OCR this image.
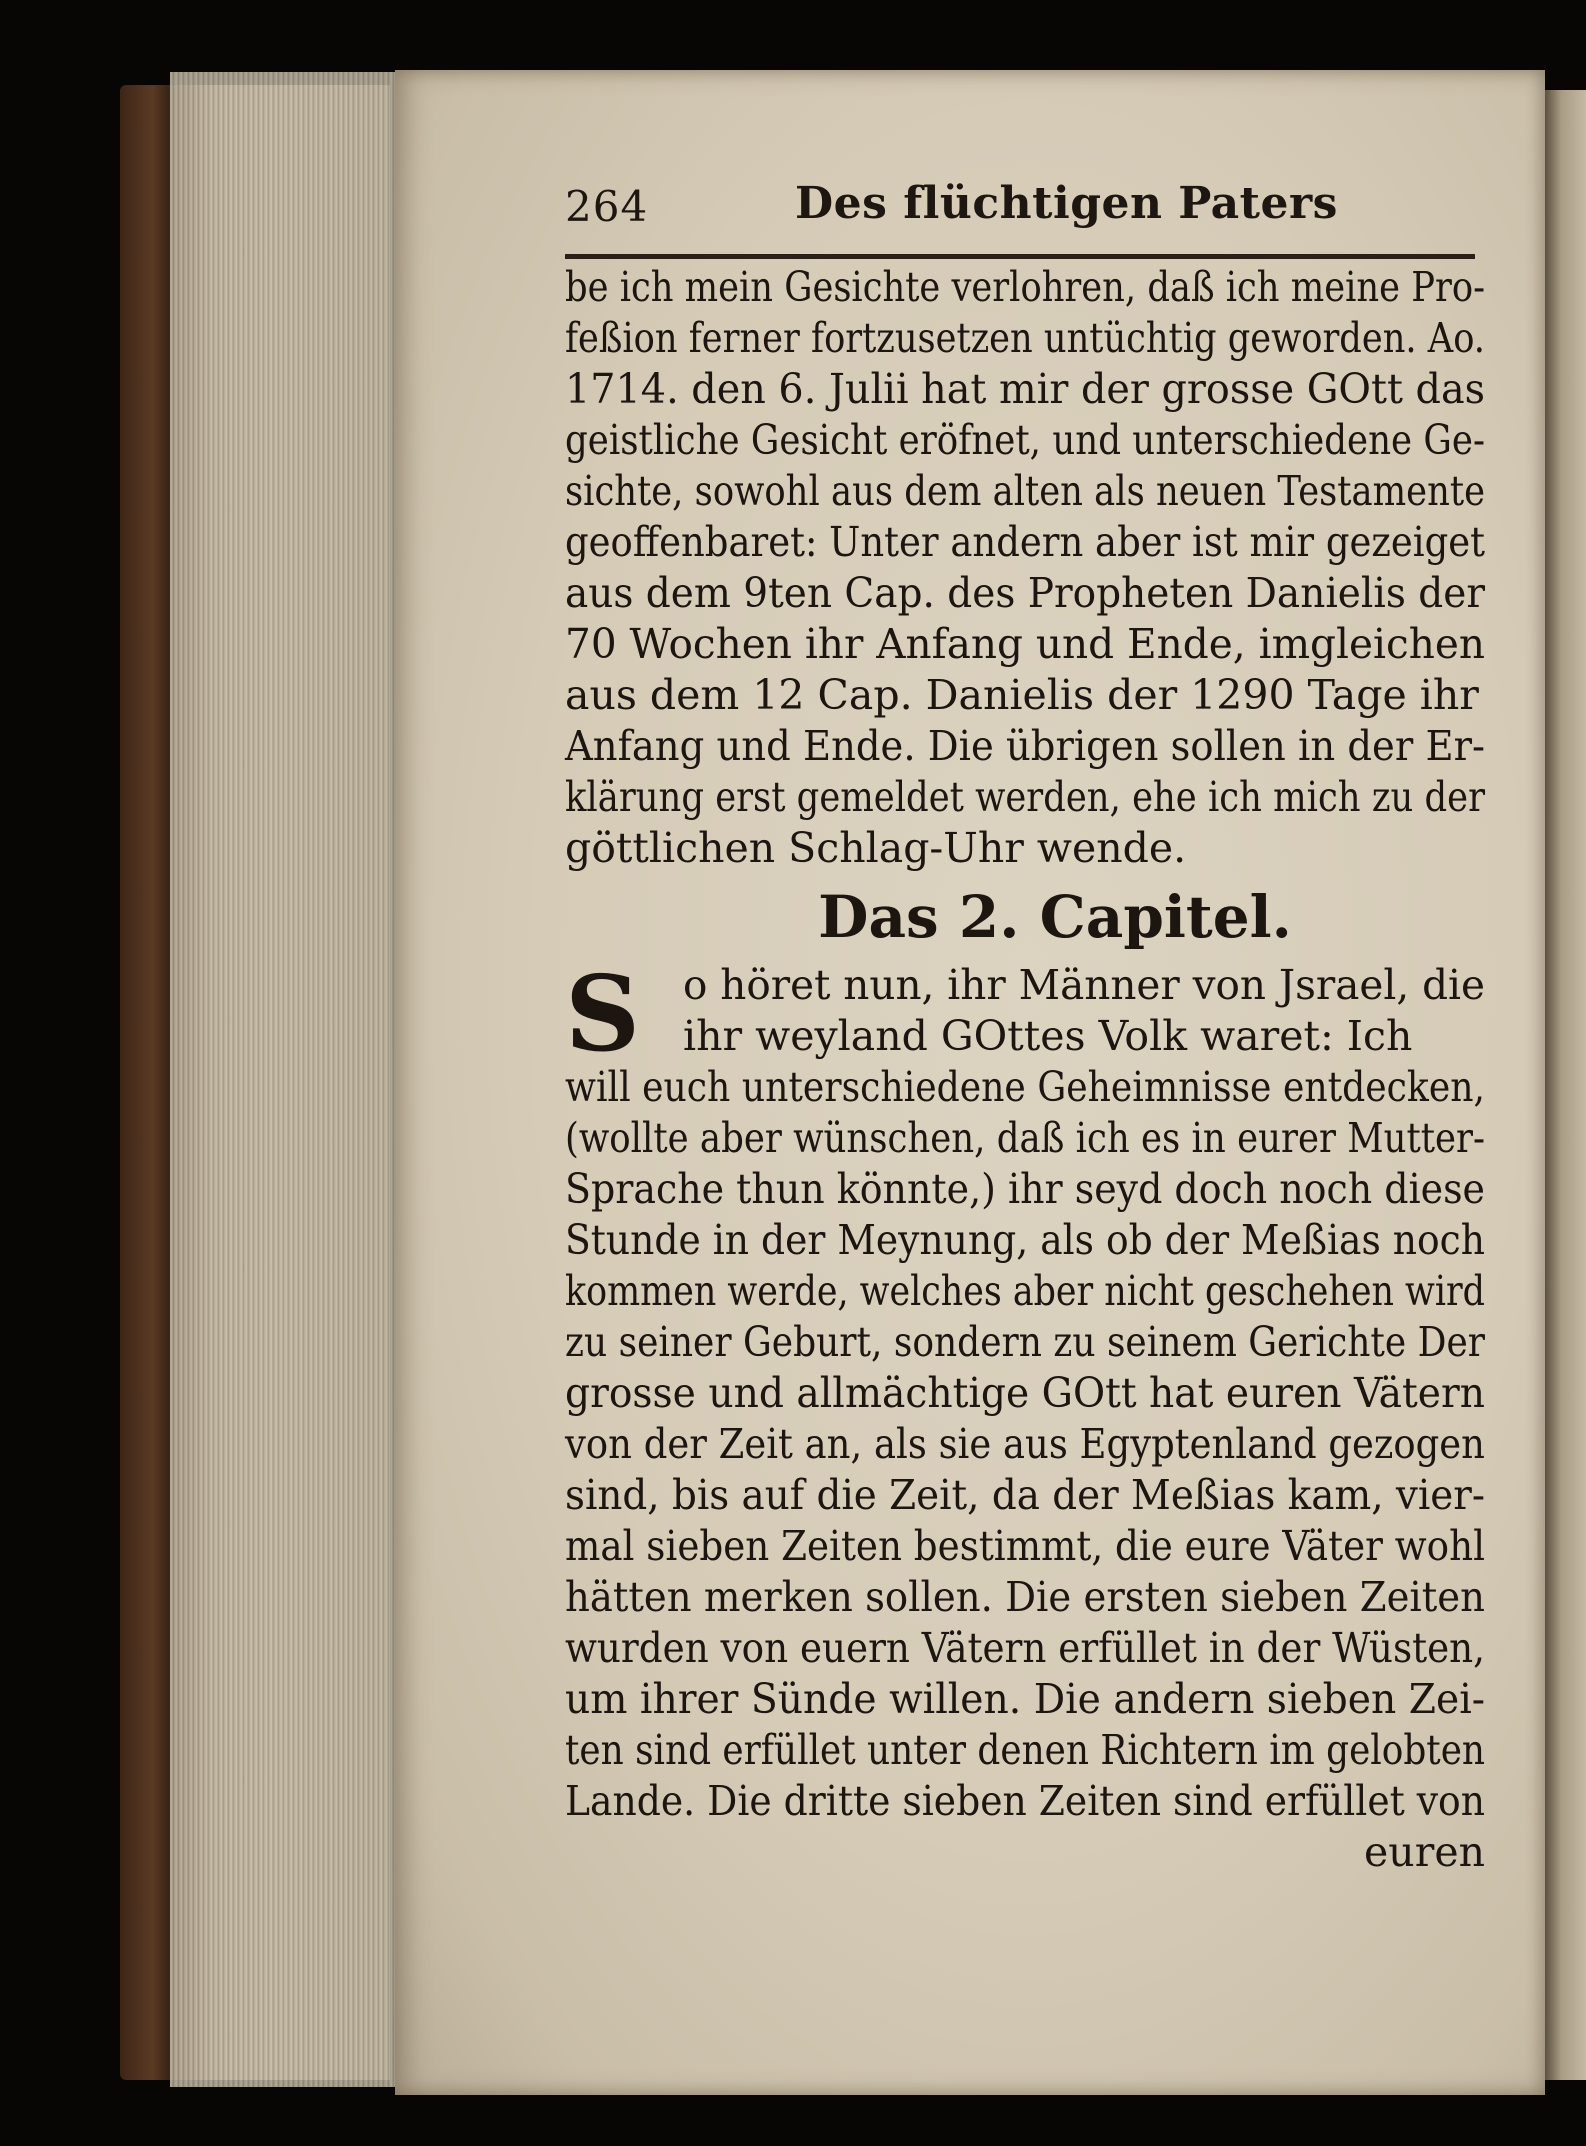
264	Des flüchtigen Paters
be ich mein Gesichte verlohren, daß ich meine Pro-
feßion ferner fortzusetzen untüchtig geworden. Ao.
1714. den 6. Julii hat mir der grosse GOtt das
geistliche Gesicht eröfnet, und unterschiedene Ge-
sichte, sowohl aus dem alten als neuen Testamente
geoffenbaret: Unter andern aber ist mir gezeiget
aus dem 9ten Cap. des Propheten Danielis der
70 Wochen ihr Anfang und Ende, imgleichen
aus dem 12 Cap. Danielis der 1290 Tage ihr
Anfang und Ende. Die übrigen sollen in der Er-
klärung erst gemeldet werden, ehe ich mich zu der
göttlichen Schlag-Uhr wende.
Das 2. Capitel.
S	o höret nun, ihr Männer von Jsrael, die
ihr weyland GOttes Volk waret: Ich
will euch unterschiedene Geheimnisse entdecken,
(wollte aber wünschen, daß ich es in eurer Mutter-
Sprache thun könnte,) ihr seyd doch noch diese
Stunde in der Meynung, als ob der Meßias noch
kommen werde, welches aber nicht geschehen wird
zu seiner Geburt, sondern zu seinem Gerichte Der
grosse und allmächtige GOtt hat euren Vätern
von der Zeit an, als sie aus Egyptenland gezogen
sind, bis auf die Zeit, da der Meßias kam, vier-
mal sieben Zeiten bestimmt, die eure Väter wohl
hätten merken sollen. Die ersten sieben Zeiten
wurden von euern Vätern erfüllet in der Wüsten,
um ihrer Sünde willen. Die andern sieben Zei-
ten sind erfüllet unter denen Richtern im gelobten
Lande. Die dritte sieben Zeiten sind erfüllet von
euren
